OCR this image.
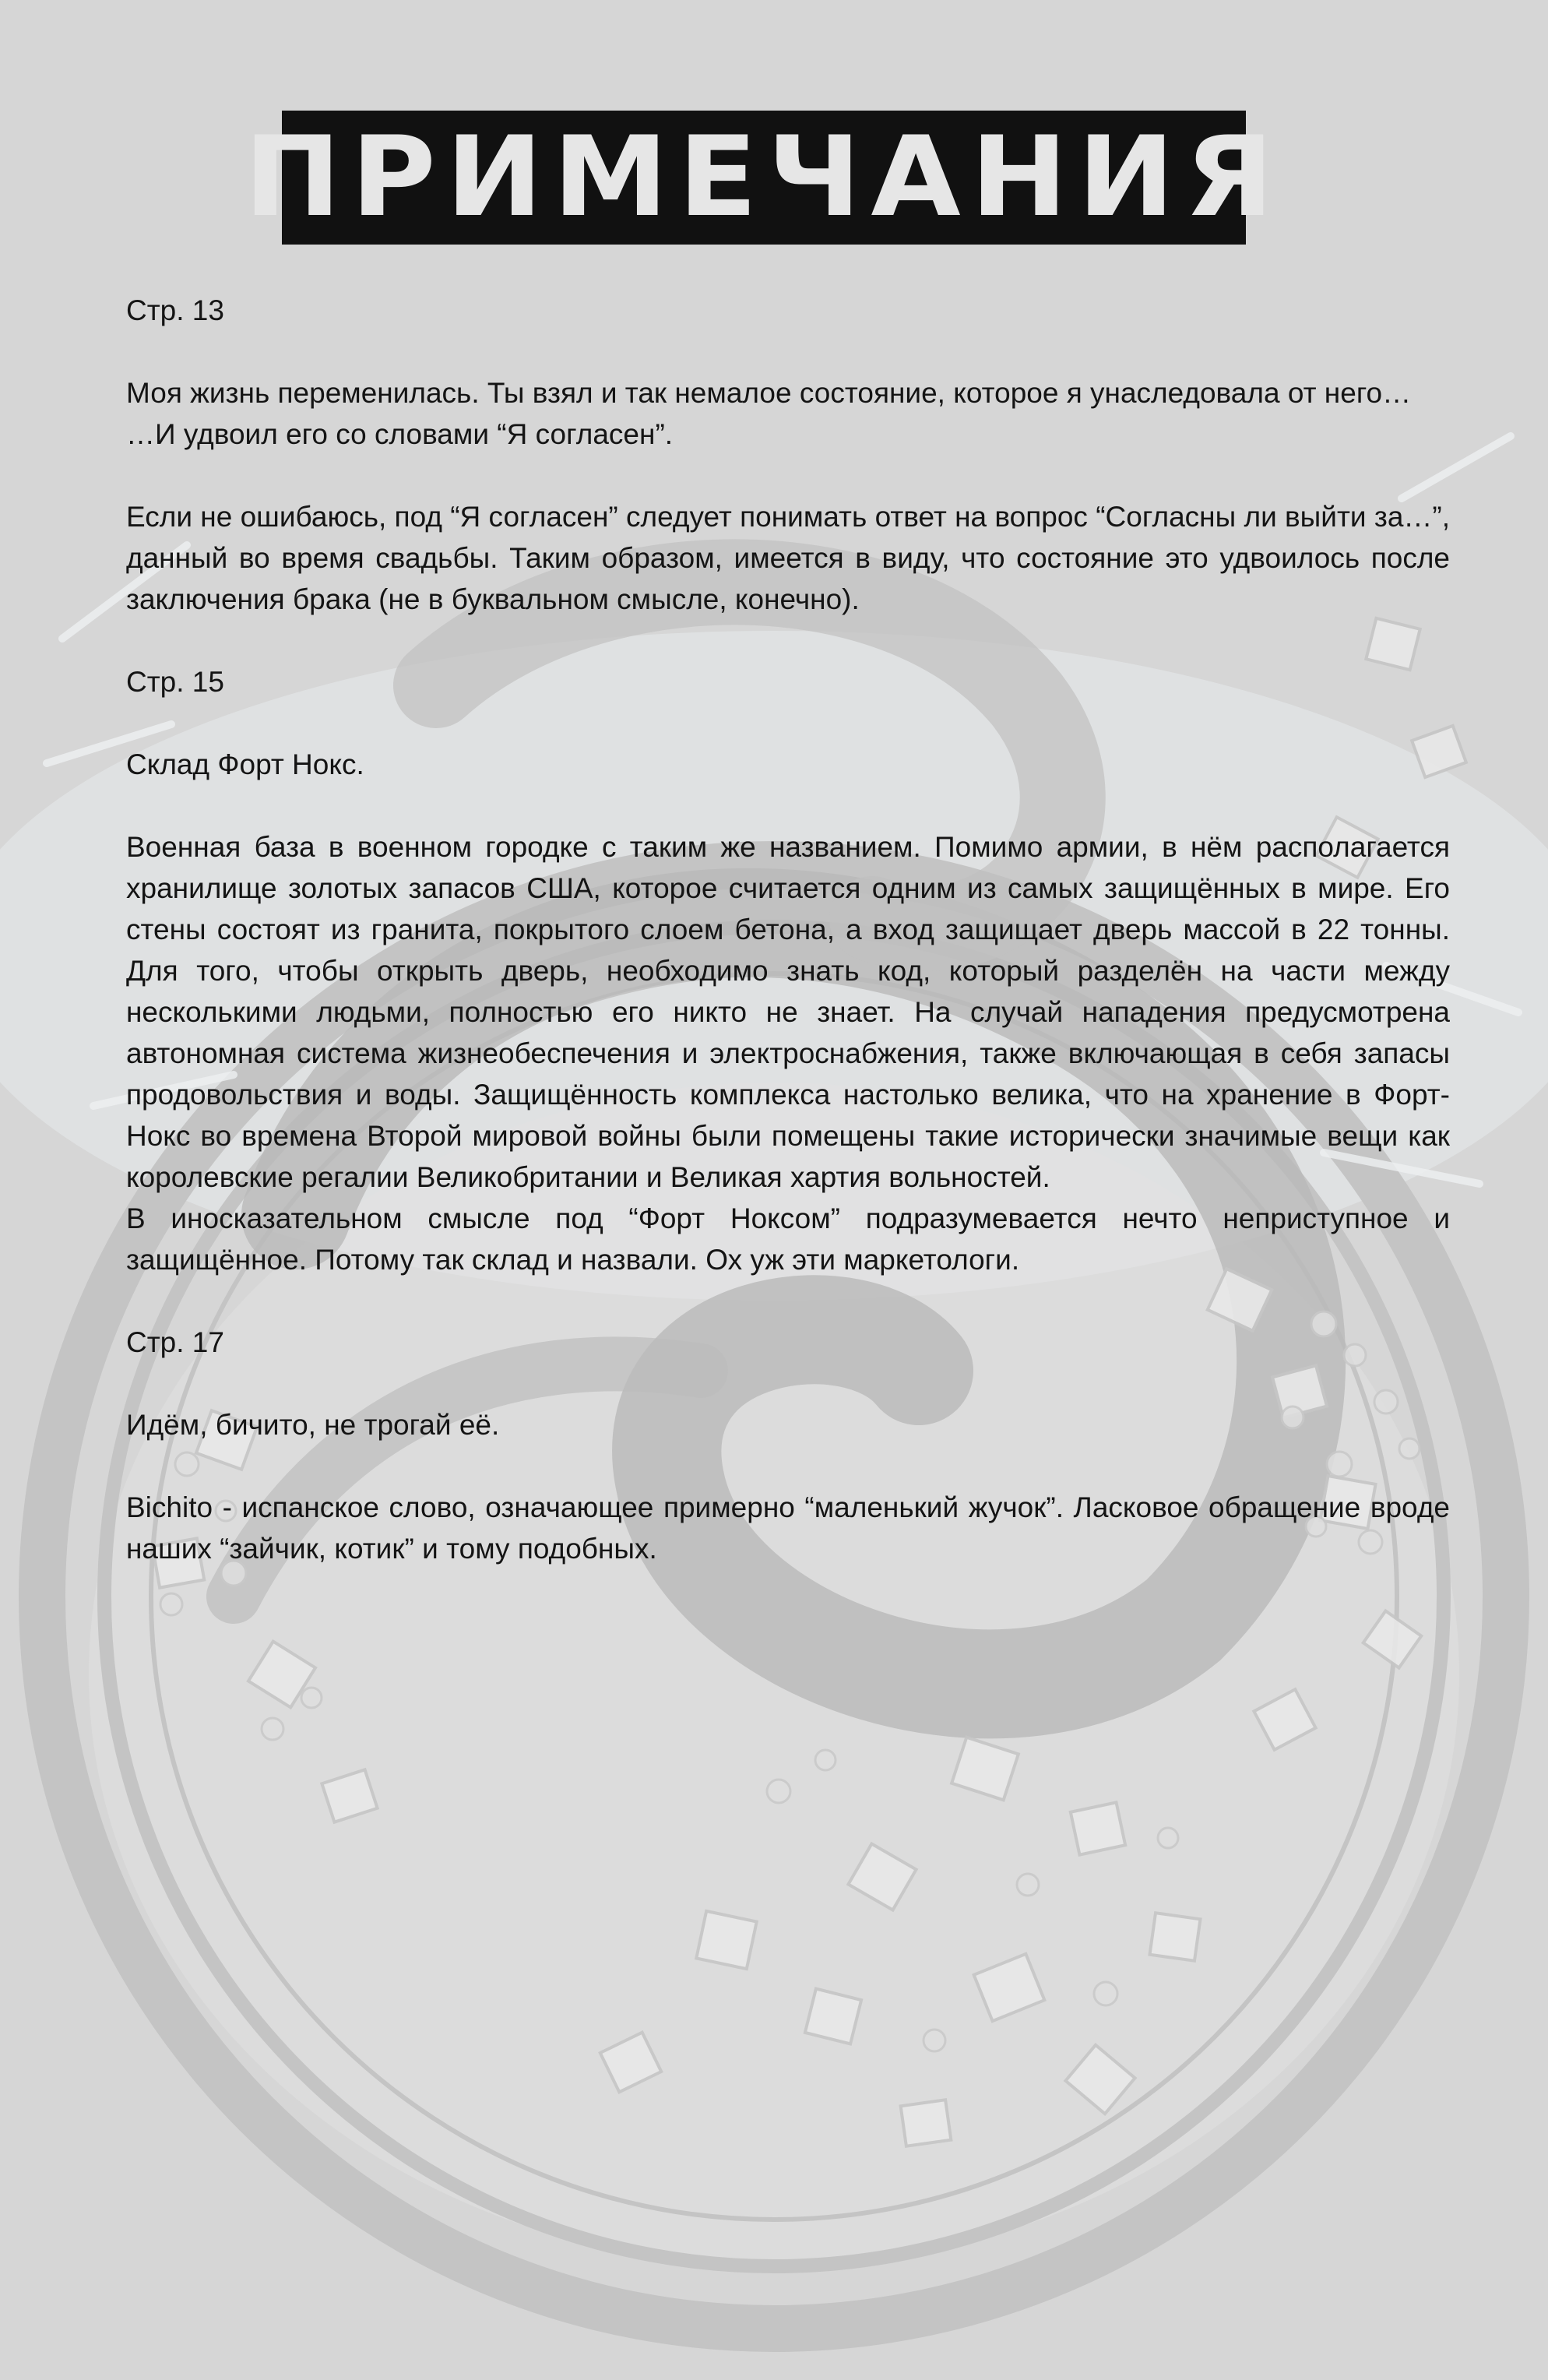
ПРИМЕЧАНИЯ

Стр. 13

Моя жизнь переменилась. Ты взял и так немалое состояние, которое я унаследовала от него…

…И удвоил его со словами “Я согласен”.

Если не ошибаюсь, под “Я согласен” следует понимать ответ на вопрос “Согласны ли выйти за…”, данный во время свадьбы. Таким образом, имеется в виду, что состояние это удвоилось после заключения брака (не в буквальном смысле, конечно).

Стр. 15

Склад Форт Нокс.

Военная база в военном городке с таким же названием. Помимо армии, в нём располагается хранилище золотых запасов США, которое считается одним из самых защищённых в мире. Его стены состоят из гранита, покрытого слоем бетона, а вход защищает дверь массой в 22 тонны. Для того, чтобы открыть дверь, необходимо знать код, который разделён на части между несколькими людьми, полностью его никто не знает. На случай нападения предусмотрена автономная система жизнеобеспечения и электроснабжения, также включающая в себя запасы продовольствия и воды. Защищённость комплекса настолько велика, что на хранение в Форт-Нокс во времена Второй мировой войны были помещены такие исторически значимые вещи как королевские регалии Великобритании и Великая хартия вольностей.

В иносказательном смысле под “Форт Ноксом” подразумевается нечто неприступное и защищённое. Потому так склад и назвали. Ох уж эти маркетологи.

Стр. 17

Идём, бичито, не трогай её.

Bichito - испанское слово, означающее примерно “маленький жучок”. Ласковое обращение вроде наших “зайчик, котик” и тому подобных.
